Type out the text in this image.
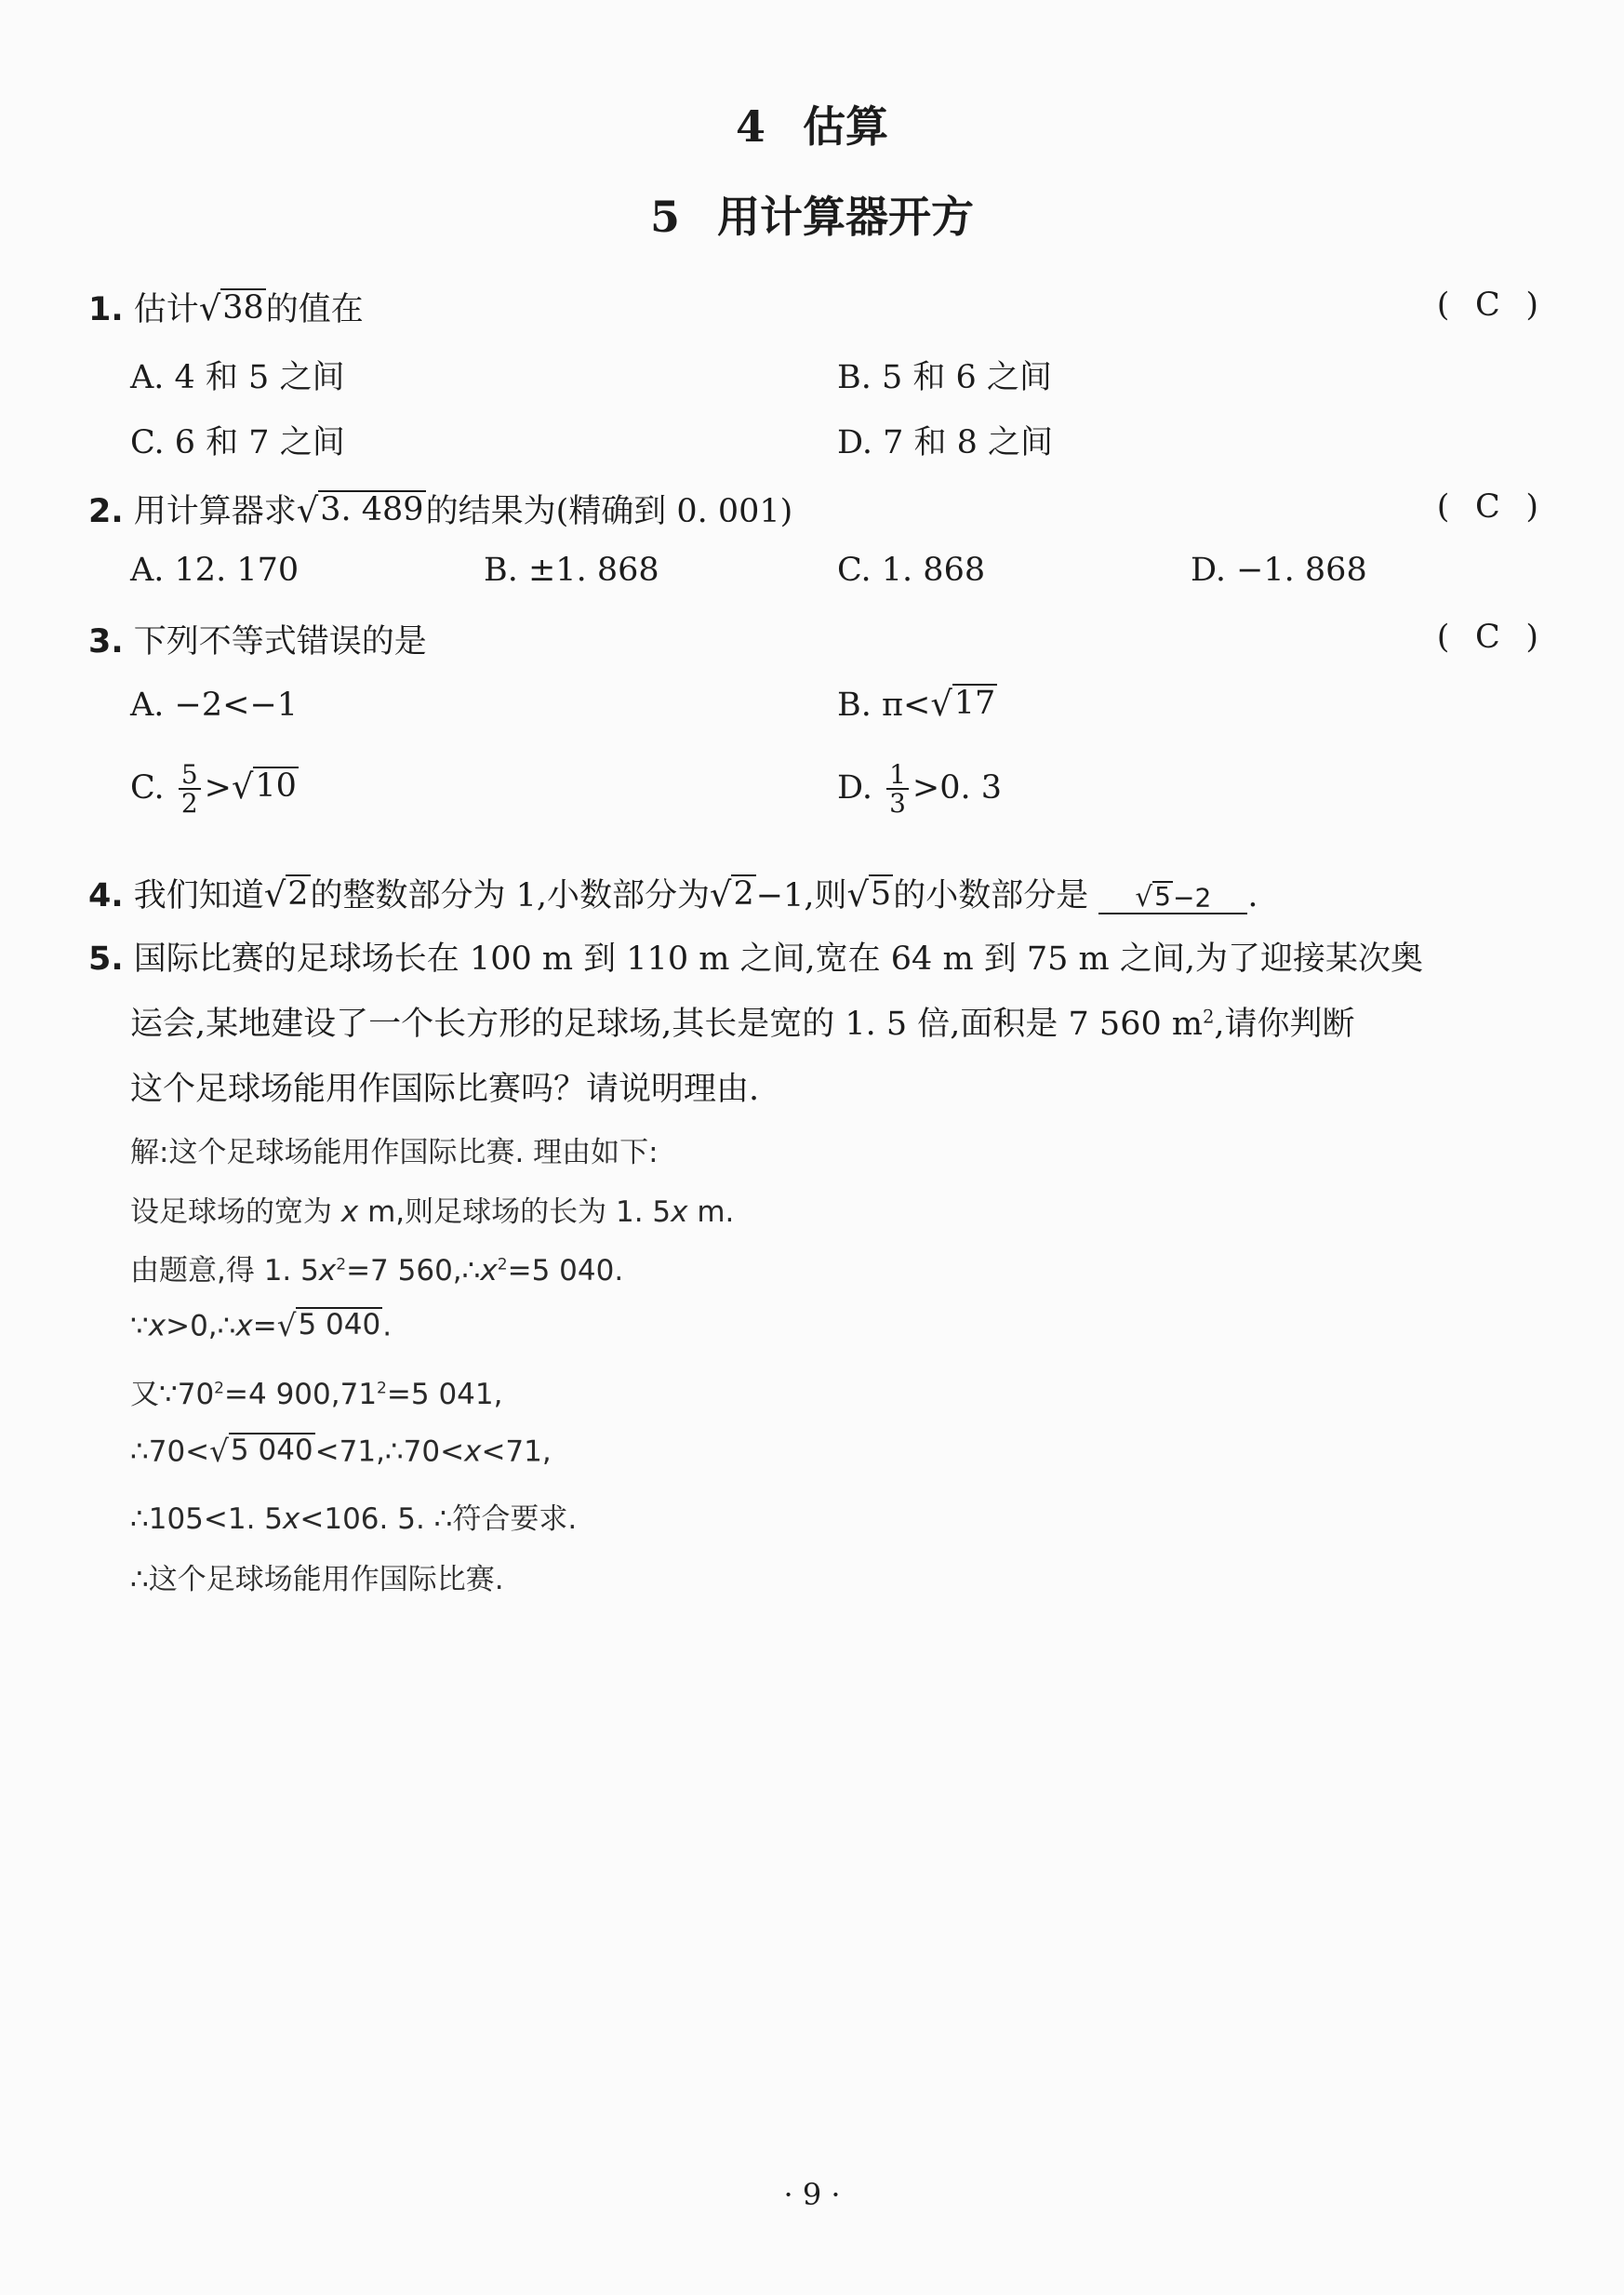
4 估算
5 用计算器开方
1. 估计 √ 38 的值在	( C )
A. 4 和 5 之间	B. 5 和 6 之间
C. 6 和 7 之间	D. 7 和 8 之间
2. 用计算器求 √ 3. 489 的结果为(精确到 0. 001)	( C )
A. 12. 170	B. ±1. 868	C. 1. 868	D. −1. 868
3. 下列不等式错误的是	( C )
A. −2<−1	B. π< √ 17
C. $\frac{5}{2}$ > √ 10	D. $\frac{1}{3} >0$. 3
4. 我们知道 √ 2 的整数部分为 1,小数部分为 √ 2 −1,则 √ 5 的小数部分是 √ 5 −2 .
5. 国际比赛的足球场长在 100 m 到 110 m 之间,宽在 64 m 到 75 m 之间,为了迎接某次奥
运会,某地建设了一个长方形的足球场,其长是宽的 1. 5 倍,面积是 7 560 $m^2$,请你判断
这个足球场能用作国际比赛吗？请说明理由.
解:这个足球场能用作国际比赛. 理由如下:
设足球场的宽为 x m,则足球场的长为 1. 5x m.
由题意,得 1. $5x^2=7$ $560,\therefore x^2=5$ 040.
∵x>0,∴x= √ 5 040 .
又$\because 70^2=4$ $900,71^2=5$ 041,
∴70< √ 5 040 <71,∴70<x<71,
∴105<1. 5x<106. 5. ∴符合要求.
∴这个足球场能用作国际比赛.
· 9 ·
